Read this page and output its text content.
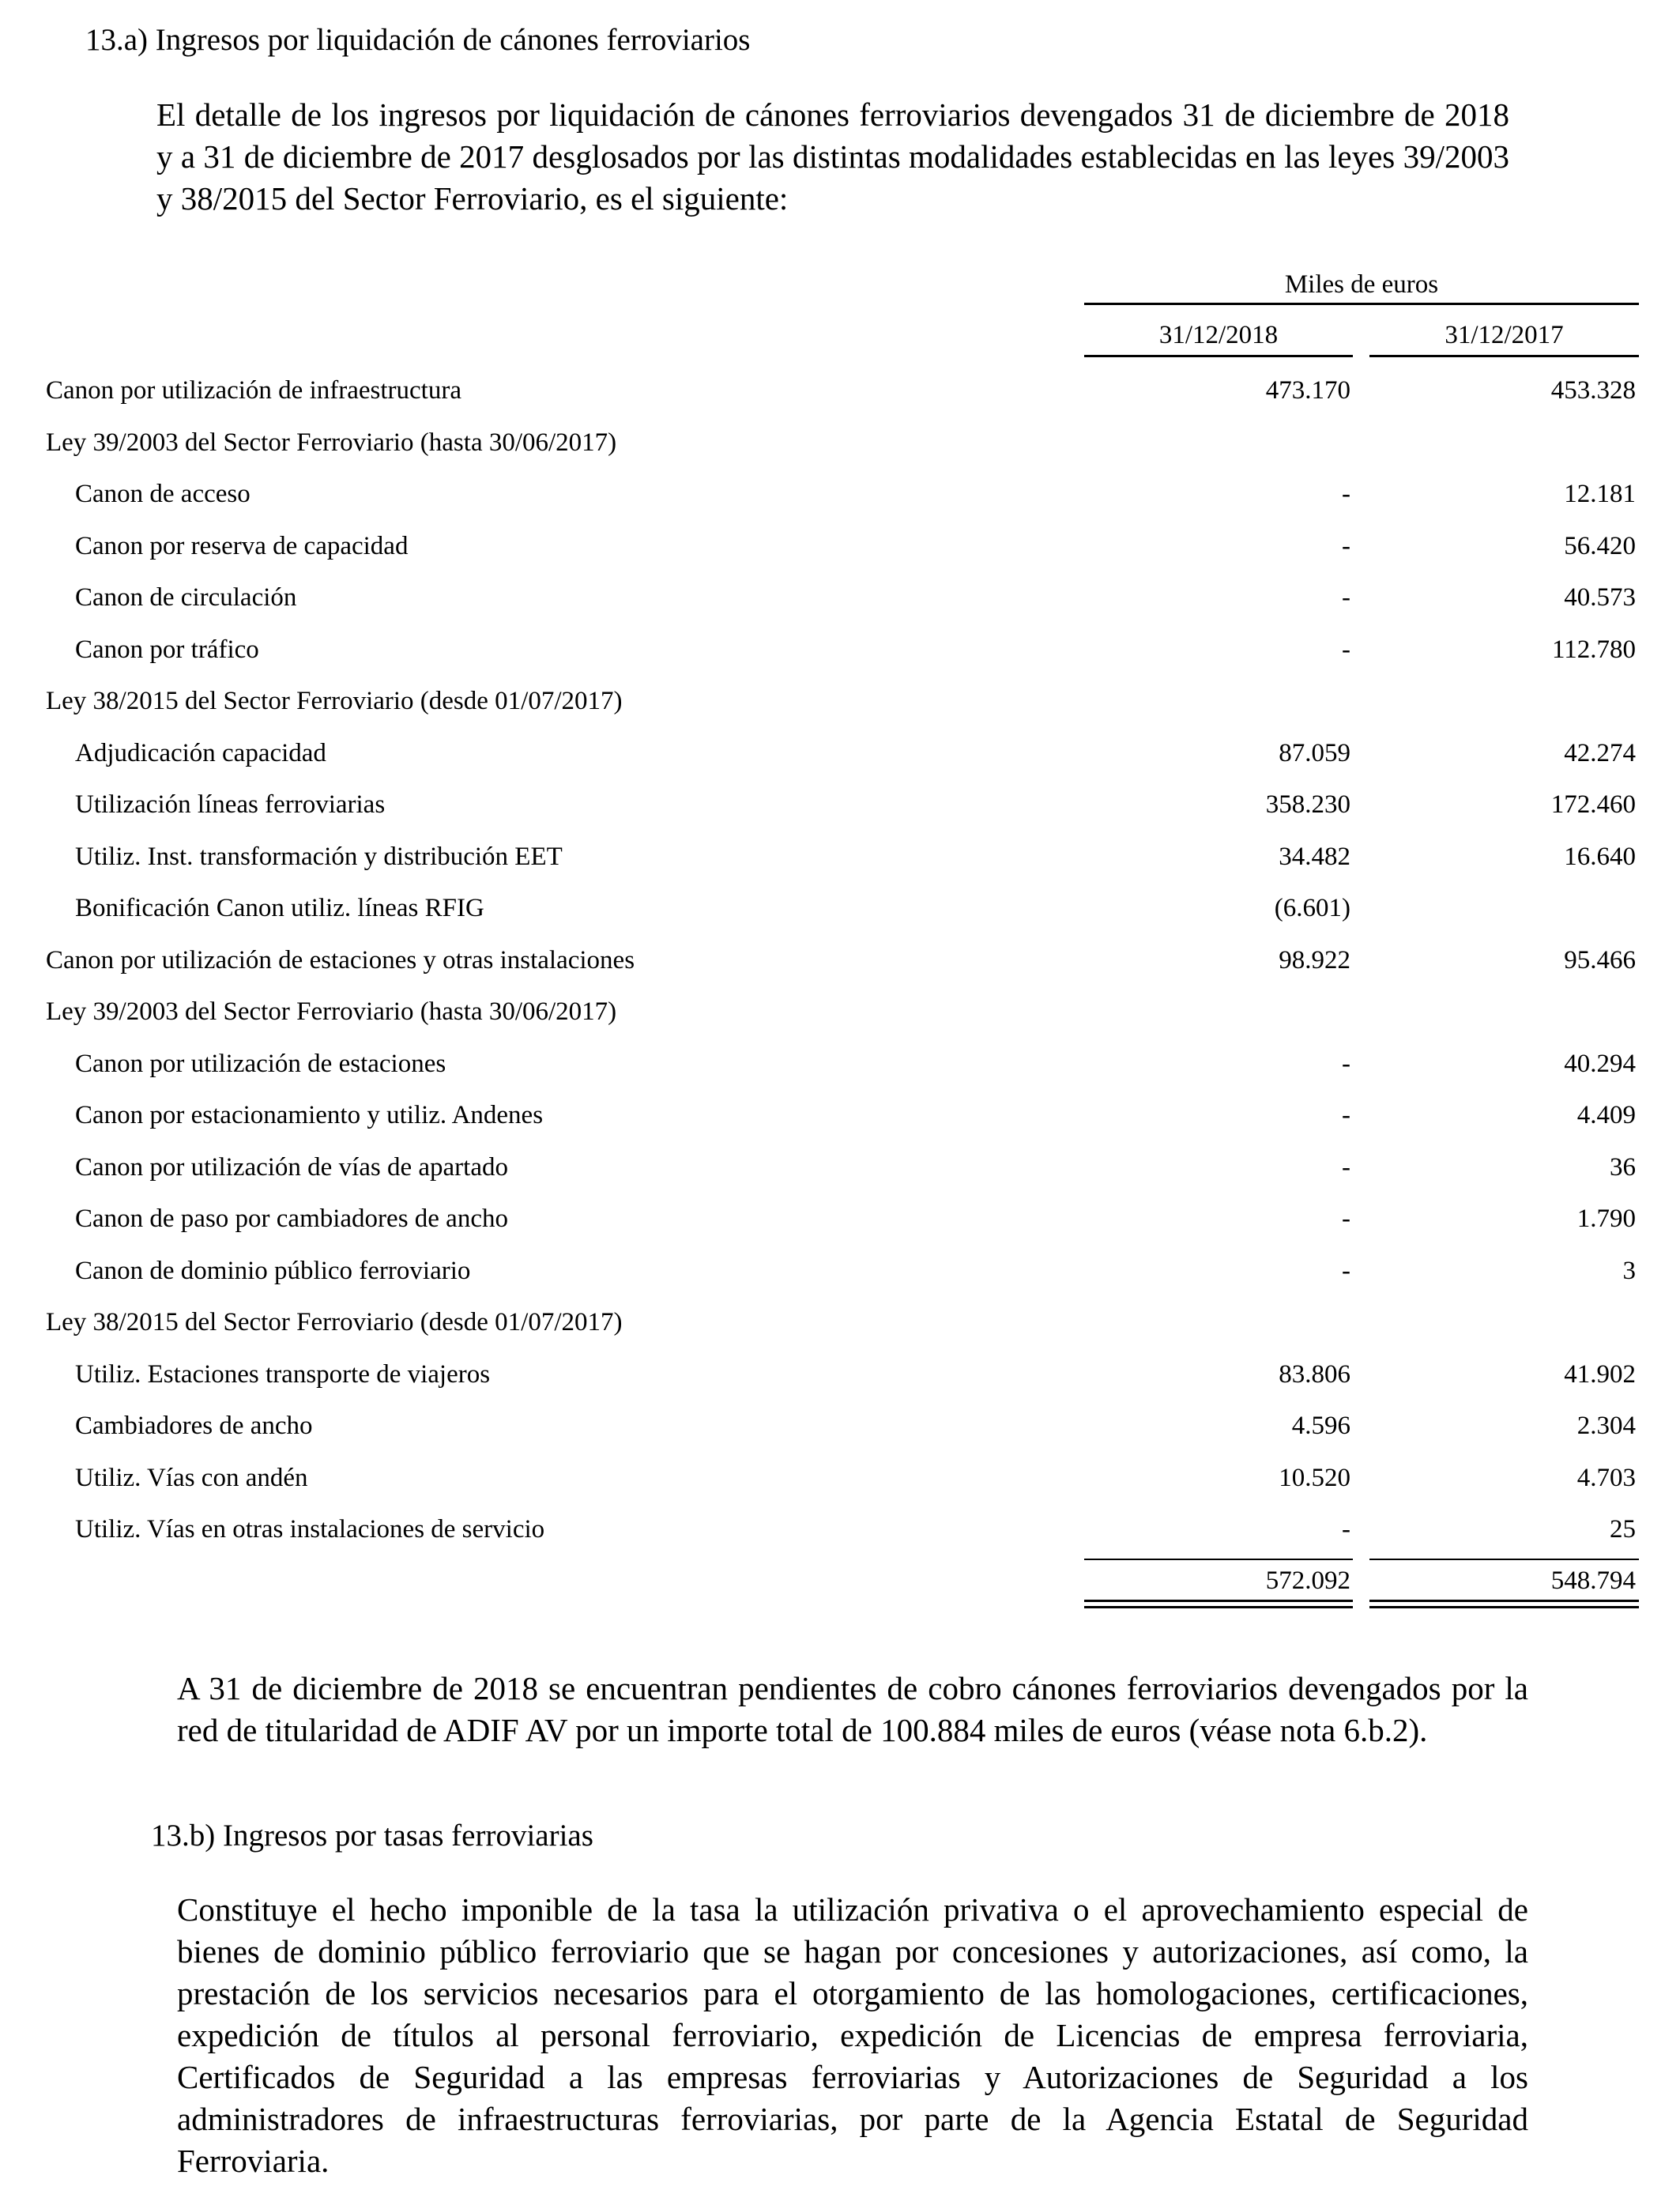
13.a) Ingresos por liquidación de cánones ferroviarios

El detalle de los ingresos por liquidación de cánones ferroviarios devengados 31 de diciembre de 2018 y a 31 de diciembre de 2017 desglosados por las distintas modalidades establecidas en las leyes 39/2003 y 38/2015 del Sector Ferroviario, es el siguiente:

Miles de euros
31/12/2018	31/12/2017
Canon por utilización de infraestructura	473.170	453.328
Ley 39/2003 del Sector Ferroviario (hasta 30/06/2017)
Canon de acceso	-	12.181
Canon por reserva de capacidad	-	56.420
Canon de circulación	-	40.573
Canon por tráfico	-	112.780
Ley 38/2015 del Sector Ferroviario (desde 01/07/2017)
Adjudicación capacidad	87.059	42.274
Utilización líneas ferroviarias	358.230	172.460
Utiliz. Inst. transformación y distribución EET	34.482	16.640
Bonificación Canon utiliz. líneas RFIG	(6.601)
Canon por utilización de estaciones y otras instalaciones	98.922	95.466
Ley 39/2003 del Sector Ferroviario (hasta 30/06/2017)
Canon por utilización de estaciones	-	40.294
Canon por estacionamiento y utiliz. Andenes	-	4.409
Canon por utilización de vías de apartado	-	36
Canon de paso por cambiadores de ancho	-	1.790
Canon de dominio público ferroviario	-	3
Ley 38/2015 del Sector Ferroviario (desde 01/07/2017)
Utiliz. Estaciones transporte de viajeros	83.806	41.902
Cambiadores de ancho	4.596	2.304
Utiliz. Vías con andén	10.520	4.703
Utiliz. Vías en otras instalaciones de servicio	-	25
572.092	548.794

A 31 de diciembre de 2018 se encuentran pendientes de cobro cánones ferroviarios devengados por la red de titularidad de ADIF AV por un importe total de 100.884 miles de euros (véase nota 6.b.2).

13.b) Ingresos por tasas ferroviarias

Constituye el hecho imponible de la tasa la utilización privativa o el aprovechamiento especial de bienes de dominio público ferroviario que se hagan por concesiones y autorizaciones, así como, la prestación de los servicios necesarios para el otorgamiento de las homologaciones, certificaciones, expedición de títulos al personal ferroviario, expedición de Licencias de empresa ferroviaria, Certificados de Seguridad a las empresas ferroviarias y Autorizaciones de Seguridad a los administradores de infraestructuras ferroviarias, por parte de la Agencia Estatal de Seguridad Ferroviaria.
